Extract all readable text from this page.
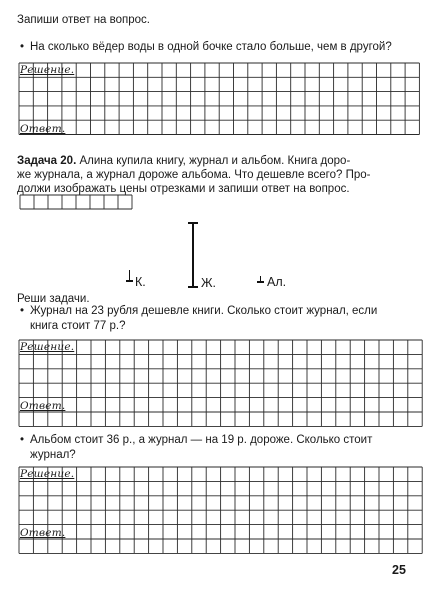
Запиши ответ на вопрос.
• На сколько вёдер воды в одной бочке стало больше, чем в другой?
Решение.
Ответ.
Задача 20. Алина купила книгу, журнал и альбом. Книга доро-
же журнала, а журнал дороже альбома. Что дешевле всего? Про-
должи изображать цены отрезками и запиши ответ на вопрос.
К.	Ж.	Ал.
Реши задачи.
• Журнал на 23 рубля дешевле книги. Сколько стоит журнал, если
книга стоит 77 р.?
Решение.
Ответ.
• Альбом стоит 36 р., а журнал — на 19 р. дороже. Сколько стоит
журнал?
Решение.
Ответ.
25
